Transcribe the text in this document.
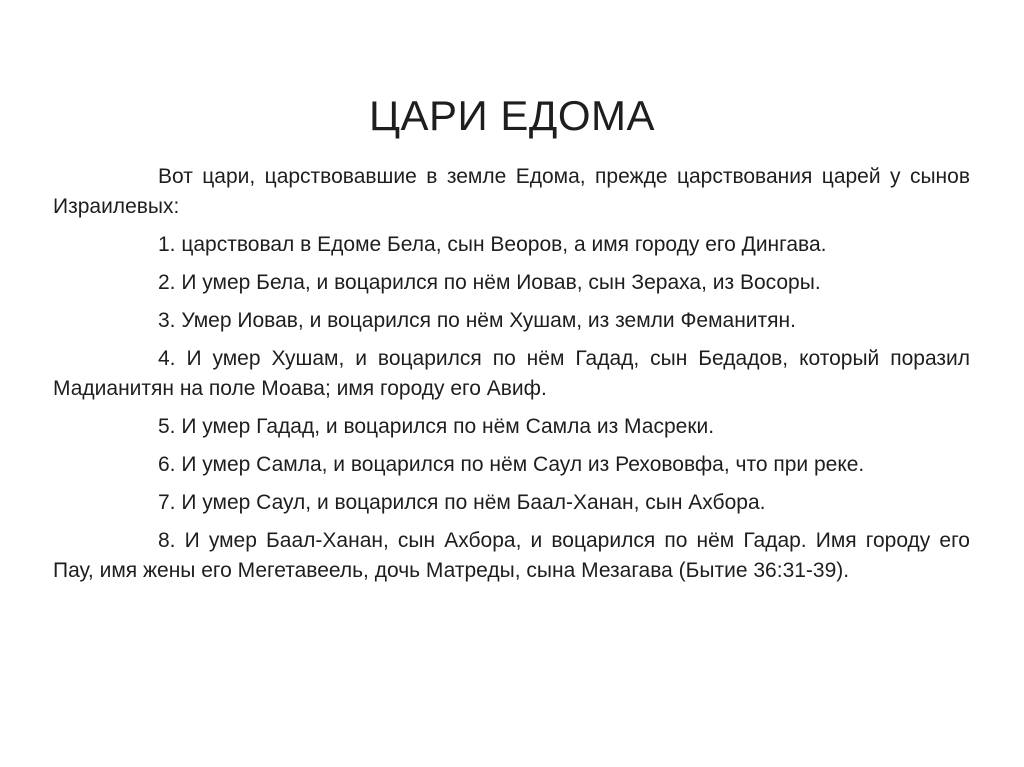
ЦАРИ ЕДОМА

Вот цари, царствовавшие в земле Едома, прежде царствования царей у сынов Израилевых:

1. царствовал в Едоме Бела, сын Веоров, а имя городу его Дингава.

2. И умер Бела, и воцарился по нём Иовав, сын Зераха, из Восоры.

3. Умер Иовав, и воцарился по нём Хушам, из земли Феманитян.

4. И умер Хушам, и воцарился по нём Гадад, сын Бедадов, который поразил Мадианитян на поле Моава; имя городу его Авиф.

5. И умер Гадад, и воцарился по нём Самла из Масреки.

6. И умер Самла, и воцарился по нём Саул из Рехововфа, что при реке.

7. И умер Саул, и воцарился по нём Баал-Ханан, сын Ахбора.

8. И умер Баал-Ханан, сын Ахбора, и воцарился по нём Гадар. Имя городу его Пау, имя жены его Мегетавеель, дочь Матреды, сына Мезагава (Бытие 36:31-39).
